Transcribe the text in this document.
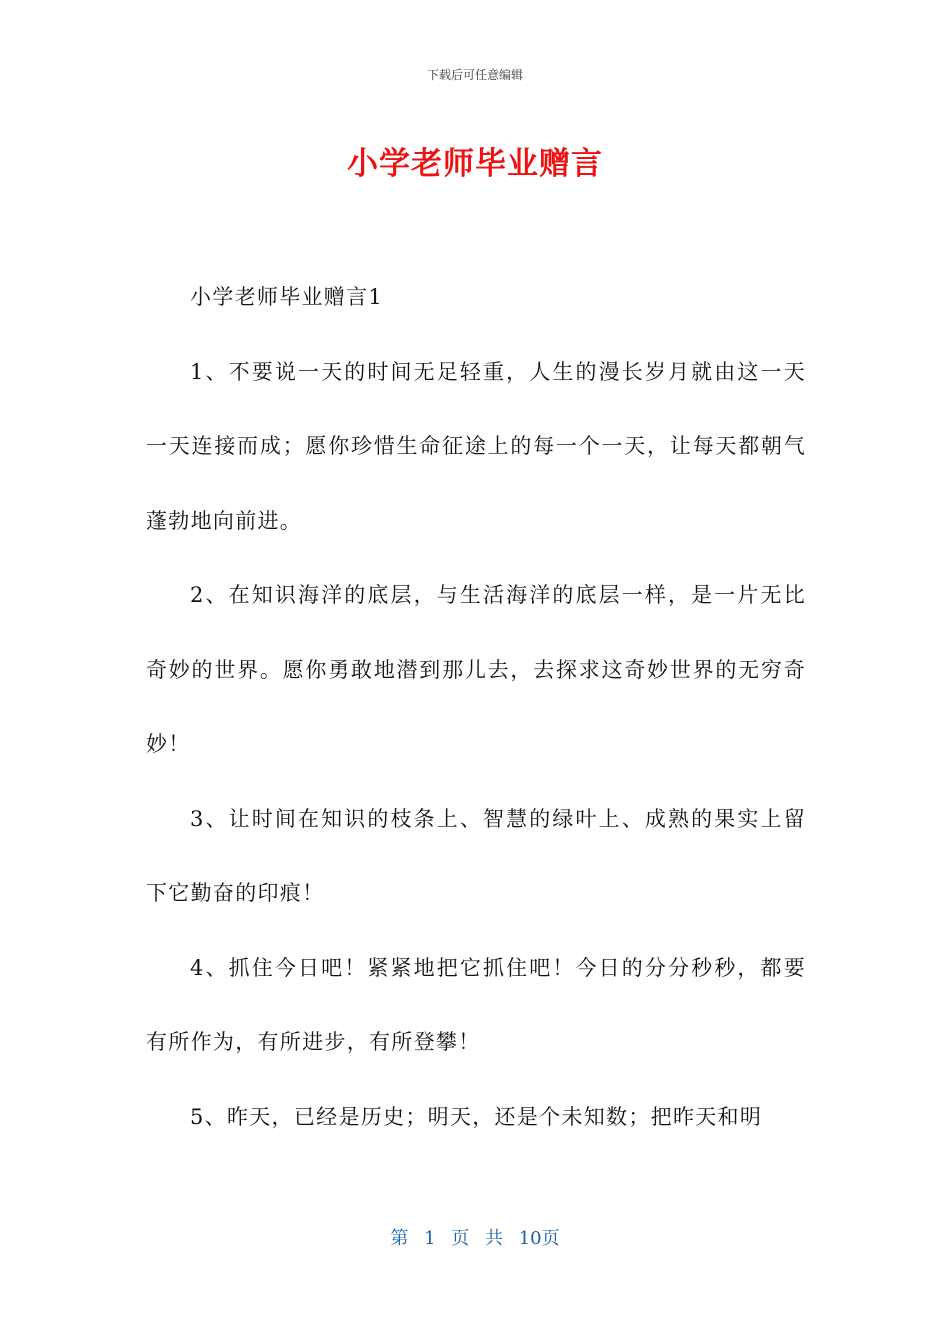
下载后可任意编辑
小学老师毕业赠言

小学老师毕业赠言1

1、不要说一天的时间无足轻重，人生的漫长岁月就由这一天一天连接而成；愿你珍惜生命征途上的每一个一天，让每天都朝气蓬勃地向前进。

2、在知识海洋的底层，与生活海洋的底层一样，是一片无比奇妙的世界。愿你勇敢地潜到那儿去，去探求这奇妙世界的无穷奇妙！

3、让时间在知识的枝条上、智慧的绿叶上、成熟的果实上留下它勤奋的印痕！

4、抓住今日吧！紧紧地把它抓住吧！今日的分分秒秒，都要有所作为，有所进步，有所登攀！

5、昨天，已经是历史；明天，还是个未知数；把昨天和明

第 1 页 共 10页
